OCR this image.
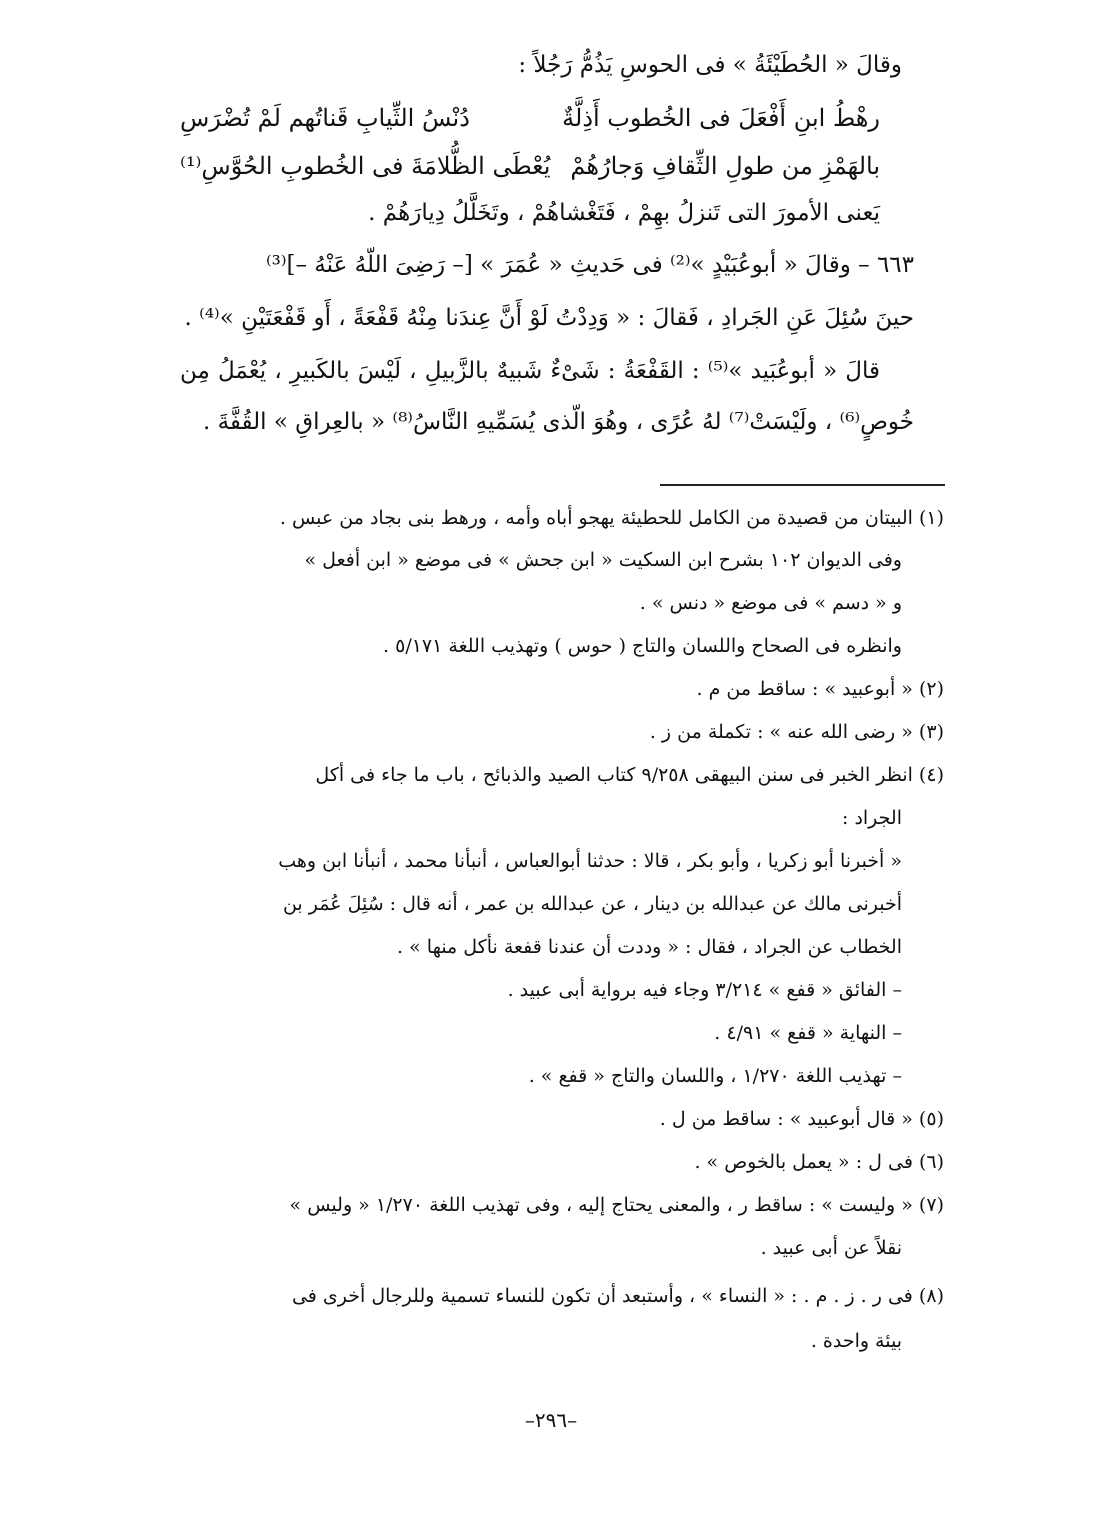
وقالَ « الحُطَيْئَةُ » فى الحوسِ يَذُمُّ رَجُلاً :
رهْطُ ابنِ أَفْعَلَ فى الخُطوب أَذِلَّةٌ
دُنْسُ الثِّيابِ قَناتُهم لَمْ تُضْرَسِ
بالهَمْزِ من طولِ الثِّقافِ وَجارُهُمْ
يُعْطَى الظُّلامَةَ فى الخُطوبِ الحُوَّسِ⁽¹⁾
يَعنى الأمورَ التى تَنزلُ بهِمْ ، فَتَغْشاهُمْ ، وتَخَلَّلُ دِيارَهُمْ .
٦٦٣ – وقالَ « أبوعُبَيْدٍ »⁽²⁾ فى حَديثِ « عُمَرَ » [– رَضِىَ اللّهُ عَنْهُ –]⁽³⁾
حينَ سُئِلَ عَنِ الجَرادِ ، فَقالَ : « وَدِدْتُ لَوْ أَنَّ عِندَنا مِنْهُ قَفْعَةً ، أَو قَفْعَتَيْنِ »⁽⁴⁾ .
قالَ « أبوعُبَيد »⁽⁵⁾ : القَفْعَةُ : شَىْءٌ شَبيهٌ بالزَّبيلِ ، لَيْسَ بالكَبيرِ ، يُعْمَلُ مِن
خُوصٍ⁽⁶⁾ ، ولَيْسَتْ⁽⁷⁾ لهُ عُرًى ، وهُوَ الّذى يُسَمِّيهِ النَّاسُ⁽⁸⁾ « بالعِراقِ » القُفَّةَ .
(١) البيتان من قصيدة من الكامل للحطيئة يهجو أباه وأمه ، ورهط بنى بجاد من عبس .
وفى الديوان ١٠٢ بشرح ابن السكيت « ابن جحش » فى موضع « ابن أفعل »
و « دسم » فى موضع « دنس » .
وانظره فى الصحاح واللسان والتاج ( حوس ) وتهذيب اللغة ٥/١٧١ .
(٢) « أبوعبيد » : ساقط من م .
(٣) « رضى الله عنه » : تكملة من ز .
(٤) انظر الخبر فى سنن البيهقى ٩/٢٥٨ كتاب الصيد والذبائح ، باب ما جاء فى أكل
الجراد :
« أخبرنا أبو زكريا ، وأبو بكر ، قالا : حدثنا أبوالعباس ، أنبأنا محمد ، أنبأنا ابن وهب
أخبرنى مالك عن عبدالله بن دينار ، عن عبدالله بن عمر ، أنه قال : سُئِلَ عُمَر بن
الخطاب عن الجراد ، فقال : « وددت أن عندنا قفعة نأكل منها » .
– الفائق « قفع » ٣/٢١٤ وجاء فيه برواية أبى عبيد .
– النهاية « قفع » ٤/٩١ .
– تهذيب اللغة ١/٢٧٠ ، واللسان والتاج « قفع » .
(٥) « قال أبوعبيد » : ساقط من ل .
(٦) فى ل : « يعمل بالخوص » .
(٧) « وليست » : ساقط ر ، والمعنى يحتاج إليه ، وفى تهذيب اللغة ١/٢٧٠ « وليس »
نقلاً عن أبى عبيد .
(٨) فى ر . ز . م . : « النساء » ، وأستبعد أن تكون للنساء تسمية وللرجال أخرى فى
بيئة واحدة .
–٢٩٦–
